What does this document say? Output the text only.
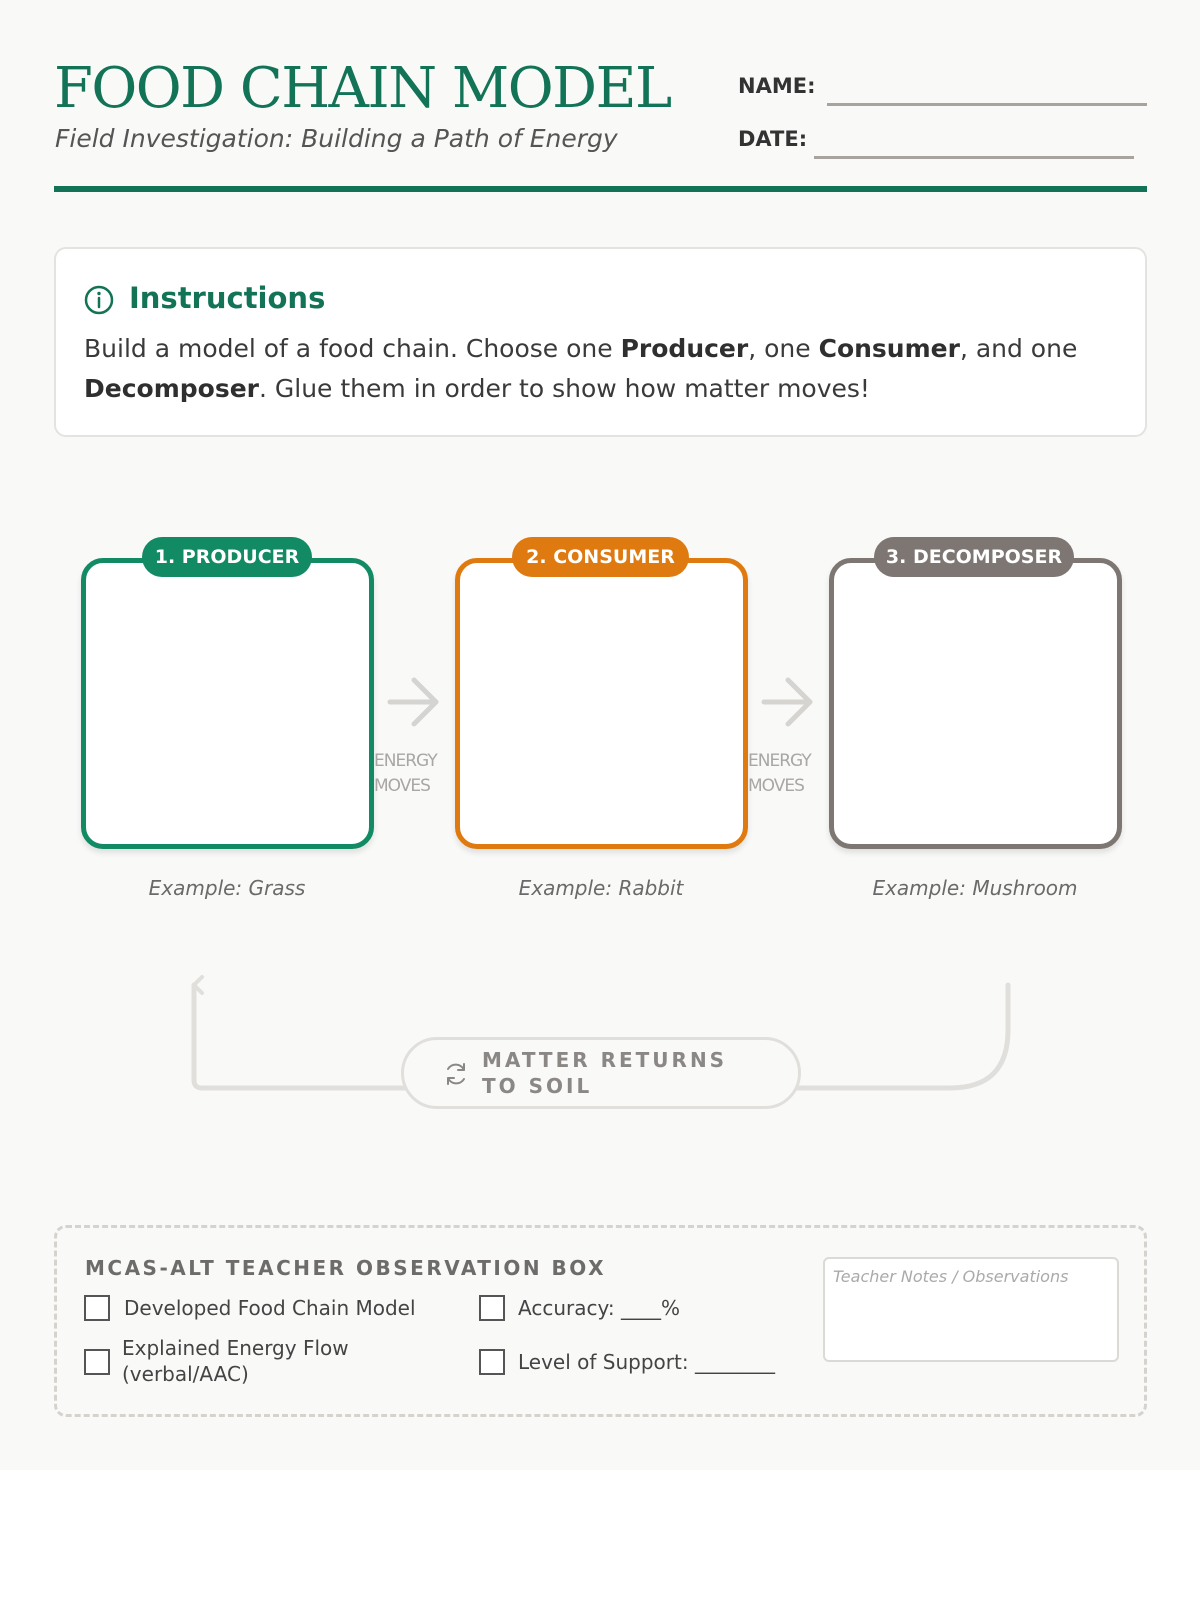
FOOD CHAIN MODEL
Field Investigation: Building a Path of Energy
NAME:
DATE:
Instructions
Build a model of a food chain. Choose one Producer, one Consumer, and one Decomposer. Glue them in order to show how matter moves!
1. PRODUCER	2. CONSUMER	3. DECOMPOSER
ENERGY
MOVES
ENERGY
MOVES
Example: Grass	Example: Rabbit	Example: Mushroom
MATTER RETURNS TO SOIL
MCAS-ALT TEACHER OBSERVATION BOX
Developed Food Chain Model	Accuracy: ____%
Explained Energy Flow (verbal/AAC)	Level of Support: ________
Teacher Notes / Observations
